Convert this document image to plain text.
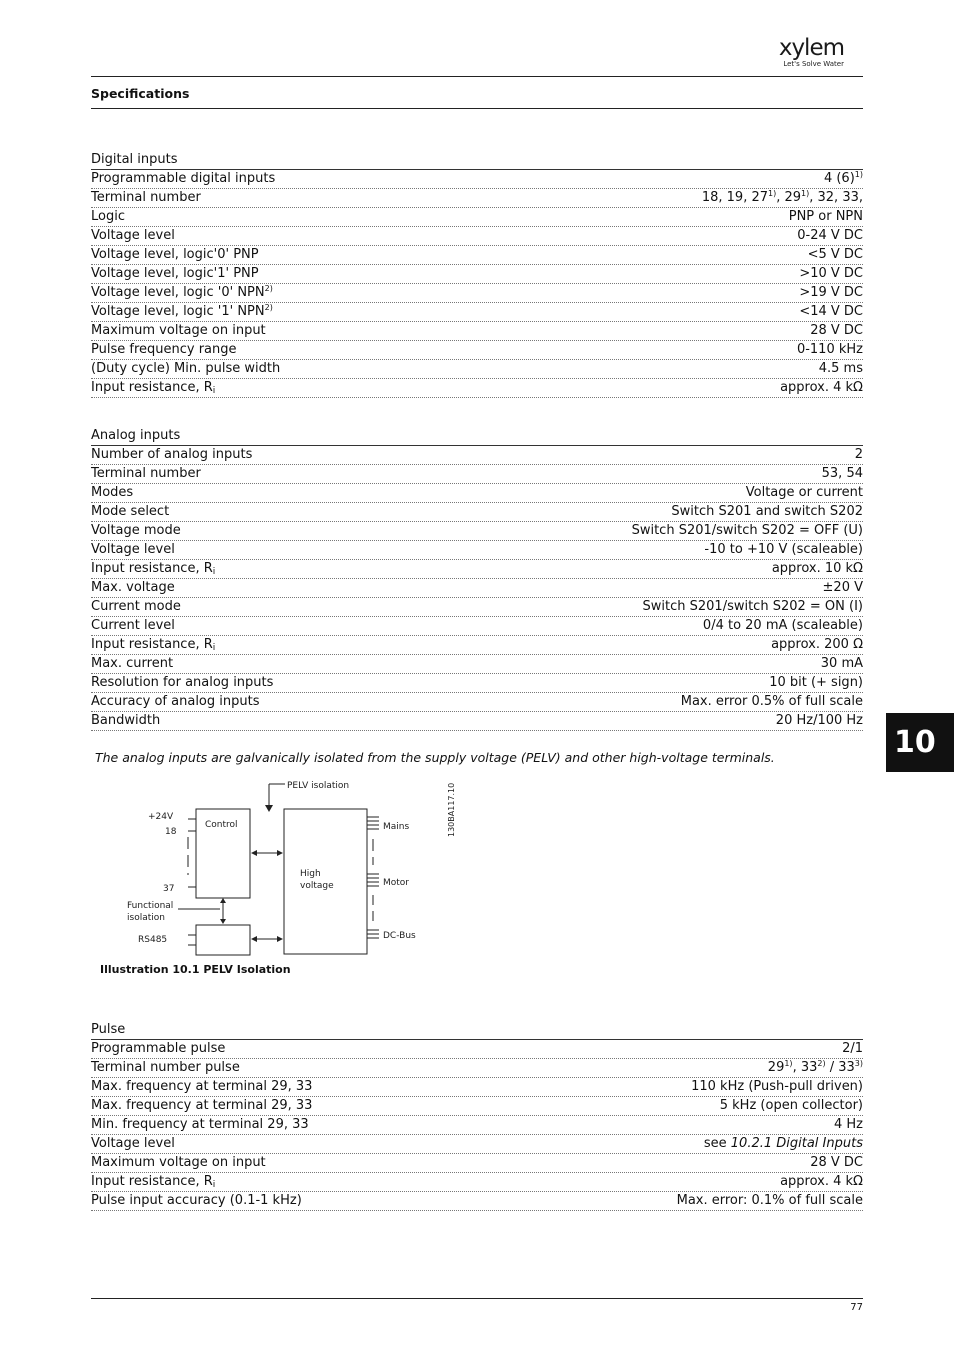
xylem
Let's Solve Water
Specifications
Digital inputs
Programmable digital inputs	4 $(6)^{1)}$
Terminal number	18, 19, 27$^{1)}$, 29$^{1)}$, 32, 33,
Logic	PNP or NPN
Voltage level	0-24 V DC
Voltage level, logic'0' PNP	<5 V DC
Voltage level, logic'1' PNP	>10 V DC
Voltage level, logic '0' $NPN^{2)}$	>19 V DC
Voltage level, logic '1' $NPN^{2)}$	<14 V DC
Maximum voltage on input	28 V DC
Pulse frequency range	0-110 kHz
(Duty cycle) Min. pulse width	4.5 ms
Input resistance, $R_i$	approx. 4 kΩ
Analog inputs
Number of analog inputs	2
Terminal number	53, 54
Modes	Voltage or current
Mode select	Switch S201 and switch S202
Voltage mode	Switch S201/switch S202 = OFF (U)
Voltage level	-10 to +10 V (scaleable)
Input resistance, $R_i$	approx. 10 kΩ
Max. voltage	±20 V
Current mode	Switch S201/switch S202 = ON (I)
Current level	0/4 to 20 mA (scaleable)
Input resistance, $R_i$	approx. 200 Ω
Max. current	30 mA
Resolution for analog inputs	10 bit (+ sign)
Accuracy of analog inputs	Max. error 0.5% of full scale
Bandwidth	20 Hz/100 Hz
The analog inputs are galvanically isolated from the supply voltage (PELV) and other high-voltage terminals.	10
PELV isolation	130BA117.10
Control
+24V
18
37
High
voltage
Functional
isolation
RS485
Mains
Motor
DC-Bus
Illustration 10.1 PELV Isolation
Pulse
Programmable pulse	2/1
Terminal number pulse	29$^{1)}$, 33$^{2)}$ / 33$^{3)}$
Max. frequency at terminal 29, 33	110 kHz (Push-pull driven)
Max. frequency at terminal 29, 33	5 kHz (open collector)
Min. frequency at terminal 29, 33	4 Hz
Voltage level	see 10.2.1 Digital Inputs
Maximum voltage on input	28 V DC
Input resistance, $R_i$	approx. 4 kΩ
Pulse input accuracy (0.1-1 kHz)	Max. error: 0.1% of full scale
77
